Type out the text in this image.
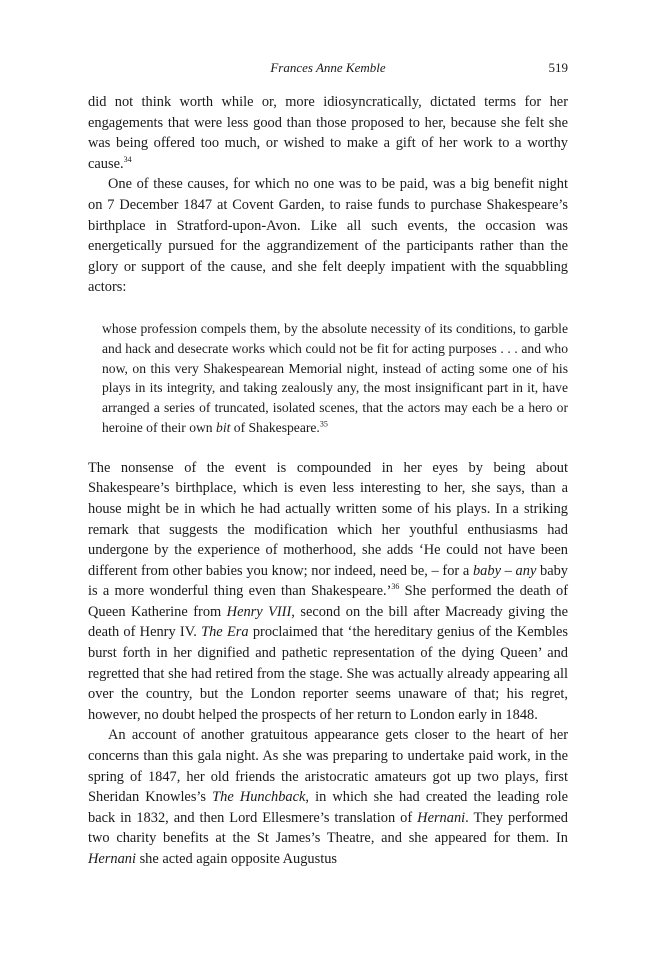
Frances Anne Kemble	519

did not think worth while or, more idiosyncratically, dictated terms for her engagements that were less good than those proposed to her, because she felt she was being offered too much, or wished to make a gift of her work to a worthy cause.$^{34}$

One of these causes, for which no one was to be paid, was a big benefit night on 7 December 1847 at Covent Garden, to raise funds to purchase Shakespeare’s birthplace in Stratford-upon-Avon. Like all such events, the occasion was energetically pursued for the aggrandizement of the participants rather than the glory or support of the cause, and she felt deeply impatient with the squabbling actors:

whose profession compels them, by the absolute necessity of its conditions, to garble and hack and desecrate works which could not be fit for acting purposes . . . and who now, on this very Shakespearean Memorial night, instead of acting some one of his plays in its integrity, and taking zealously any, the most insignificant part in it, have arranged a series of truncated, isolated scenes, that the actors may each be a hero or heroine of their own bit of Shakespeare.$^{35}$

The nonsense of the event is compounded in her eyes by being about Shakespeare’s birthplace, which is even less interesting to her, she says, than a house might be in which he had actually written some of his plays. In a striking remark that suggests the modification which her youthful enthusiasms had undergone by the experience of motherhood, she adds ‘He could not have been different from other babies you know; nor indeed, need be, – for a baby – any baby is a more wonderful thing even than Shakespeare.’$^{36}$ She performed the death of Queen Katherine from Henry VIII, second on the bill after Macready giving the death of Henry IV. The Era proclaimed that ‘the hereditary genius of the Kembles burst forth in her dignified and pathetic representation of the dying Queen’ and regretted that she had retired from the stage. She was actually already appearing all over the country, but the London reporter seems unaware of that; his regret, however, no doubt helped the prospects of her return to London early in 1848.

An account of another gratuitous appearance gets closer to the heart of her concerns than this gala night. As she was preparing to undertake paid work, in the spring of 1847, her old friends the aristocratic amateurs got up two plays, first Sheridan Knowles’s The Hunchback, in which she had created the leading role back in 1832, and then Lord Ellesmere’s translation of Hernani. They performed two charity benefits at the St James’s Theatre, and she appeared for them. In Hernani she acted again opposite Augustus
